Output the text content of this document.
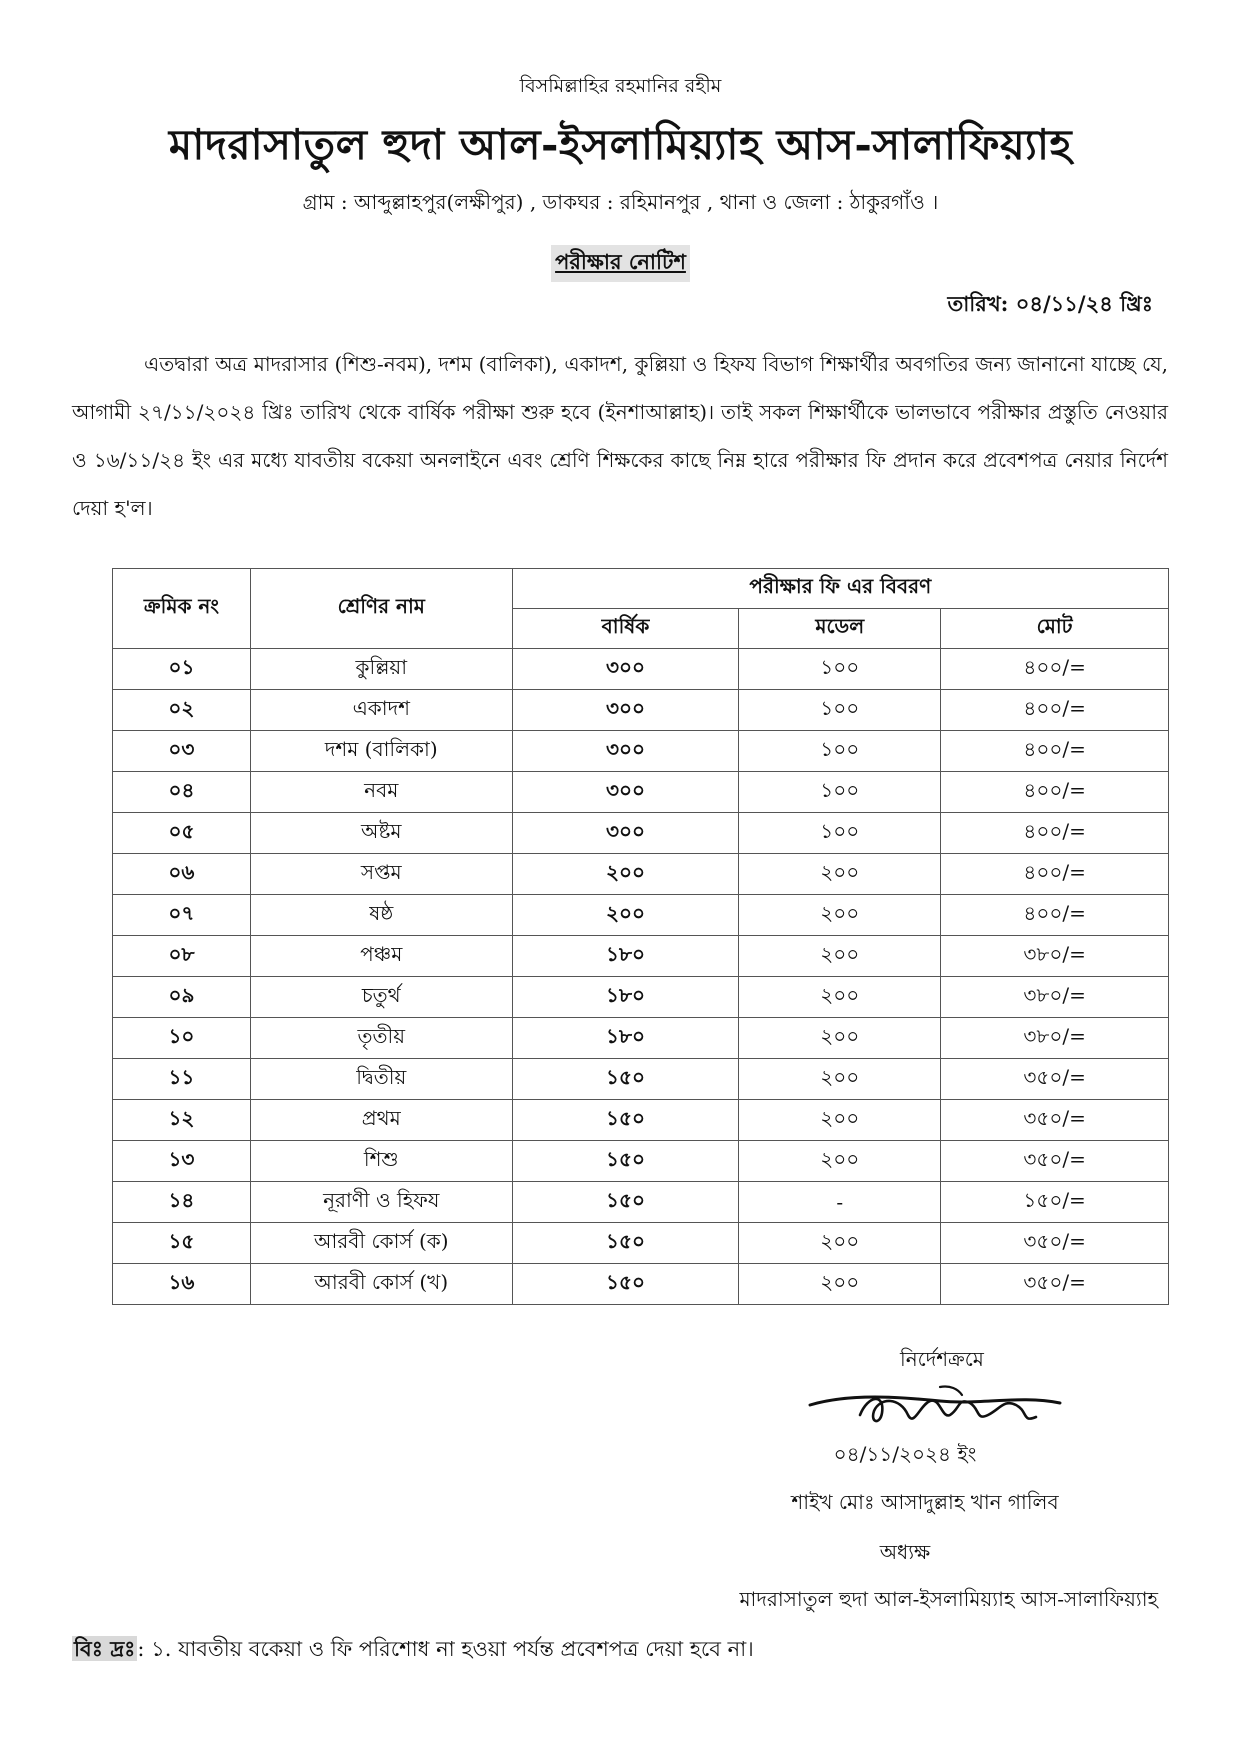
বিসমিল্লাহির রহমানির রহীম
মাদরাসাতুল হুদা আল-ইসলামিয়্যাহ আস-সালাফিয়্যাহ
গ্রাম : আব্দুল্লাহপুর(লক্ষীপুর) , ডাকঘর : রহিমানপুর , থানা ও জেলা : ঠাকুরগাঁও ।
পরীক্ষার নোটিশ
তারিখ: ০৪/১১/২৪ খ্রিঃ
এতদ্বারা অত্র মাদরাসার (শিশু-নবম), দশম (বালিকা), একাদশ, কুল্লিয়া ও হিফয বিভাগ শিক্ষার্থীর অবগতির জন্য জানানো যাচ্ছে যে, আগামী ২৭/১১/২০২৪ খ্রিঃ তারিখ থেকে বার্ষিক পরীক্ষা শুরু হবে (ইনশাআল্লাহ)। তাই সকল শিক্ষার্থীকে ভালভাবে পরীক্ষার প্রস্তুতি নেওয়ার ও ১৬/১১/২৪ ইং এর মধ্যে যাবতীয় বকেয়া অনলাইনে এবং শ্রেণি শিক্ষকের কাছে নিম্ন হারে পরীক্ষার ফি প্রদান করে প্রবেশপত্র নেয়ার নির্দেশ দেয়া হ'ল।
ক্রমিক নং	শ্রেণির নাম	পরীক্ষার ফি এর বিবরণ		
		বার্ষিক	মডেল	মোট
০১	কুল্লিয়া	৩০০	১০০	৪০০/=
০২	একাদশ	৩০০	১০০	৪০০/=
০৩	দশম (বালিকা)	৩০০	১০০	৪০০/=
০৪	নবম	৩০০	১০০	৪০০/=
০৫	অষ্টম	৩০০	১০০	৪০০/=
০৬	সপ্তম	২০০	২০০	৪০০/=
০৭	ষষ্ঠ	২০০	২০০	৪০০/=
০৮	পঞ্চম	১৮০	২০০	৩৮০/=
০৯	চতুর্থ	১৮০	২০০	৩৮০/=
১০	তৃতীয়	১৮০	২০০	৩৮০/=
১১	দ্বিতীয়	১৫০	২০০	৩৫০/=
১২	প্রথম	১৫০	২০০	৩৫০/=
১৩	শিশু	১৫০	২০০	৩৫০/=
১৪	নূরাণী ও হিফয	১৫০	-	১৫০/=
১৫	আরবী কোর্স (ক)	১৫০	২০০	৩৫০/=
১৬	আরবী কোর্স (খ)	১৫০	২০০	৩৫০/=
নির্দেশক্রমে
০৪/১১/২০২৪ ইং
শাইখ মোঃ আসাদুল্লাহ খান গালিব
অধ্যক্ষ
মাদরাসাতুল হুদা আল-ইসলামিয়্যাহ আস-সালাফিয়্যাহ
বিঃ দ্রঃ: ১. যাবতীয় বকেয়া ও ফি পরিশোধ না হওয়া পর্যন্ত প্রবেশপত্র দেয়া হবে না।
